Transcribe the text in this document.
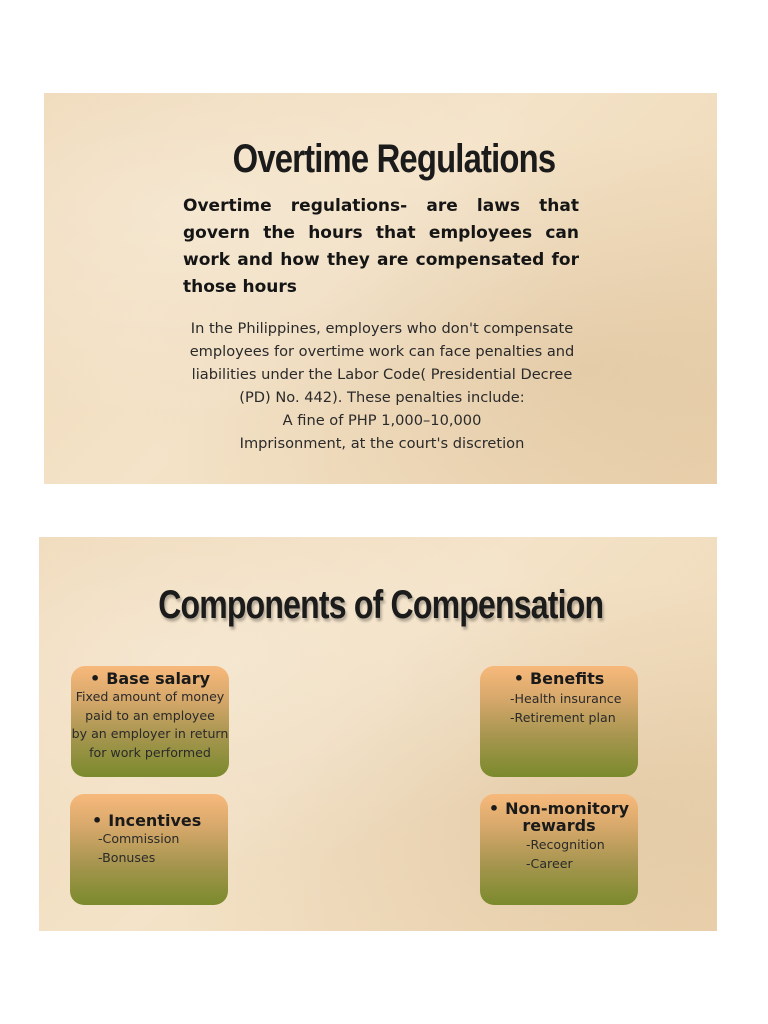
Overtime Regulations

Overtime regulations- are laws that govern the hours that employees can work and how they are compensated for those hours

In the Philippines, employers who don't compensate
employees for overtime work can face penalties and
liabilities under the Labor Code( Presidential Decree
(PD) No. 442). These penalties include:
A fine of PHP 1,000–10,000
Imprisonment, at the court's discretion

Components of Compensation
• Base salary
Fixed amount of money
paid to an employee
by an employer in return
for work performed
• Benefits
-Health insurance
-Retirement plan
• Incentives
-Commission
-Bonuses
• Non-monitory
rewards
-Recognition
-Career
